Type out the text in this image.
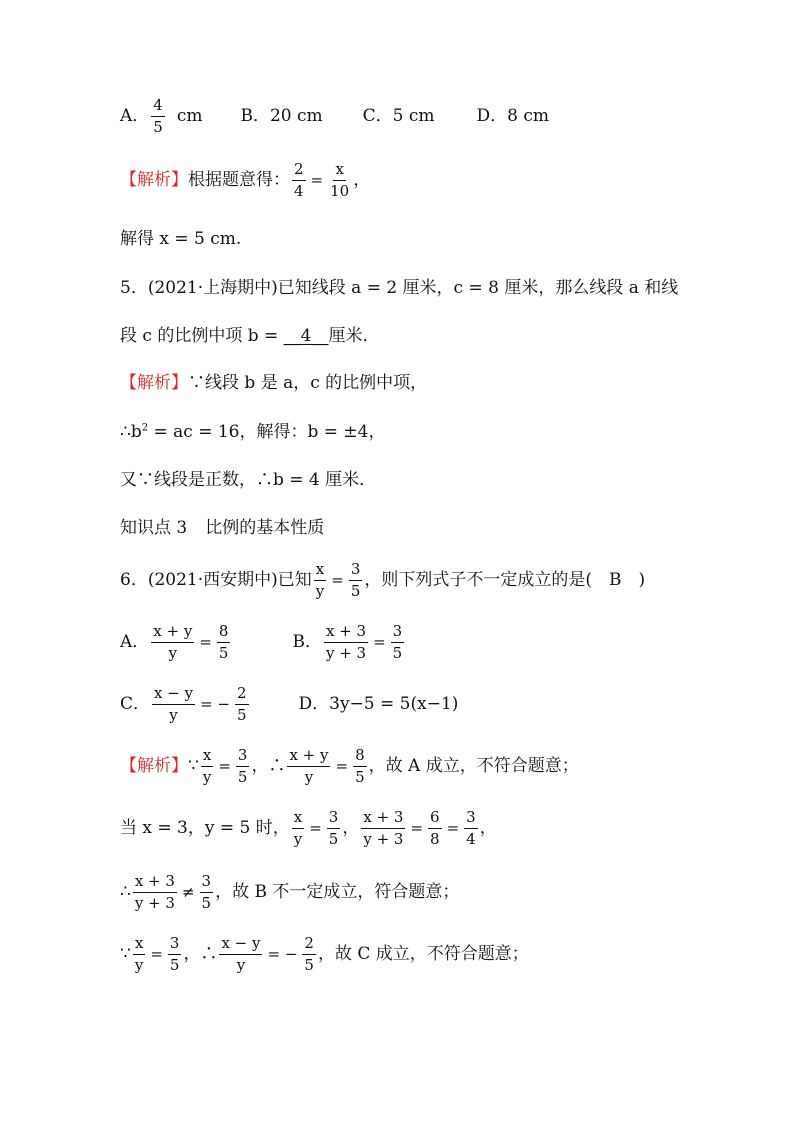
A． $\frac{4}{5}$ cm B．20 cm C．5 cm D．8 cm
【解析】 根据题意得： $\frac{2}{4} = \frac{x}{10}$ ，
解得 x = 5 cm.
5．(2021·上海期中)已知线段 a = 2 厘米，c = 8 厘米，那么线段 a 和线
段 c 的比例中项 b = __4__厘米．
【解析】∵线段 b 是 a，c 的比例中项，
$\therefore b^2$ = ac = 16，解得：b = ±4，
又∵线段是正数，∴b = 4 厘米．
知识点 3 比例的基本性质
6．(2021·西安期中)已知 $\frac{x}{y} = \frac{3}{5}$ ，则下列式子不一定成立的是(　B　)
A． $\frac{x + y}{y} = \frac{8}{5}$	B． $\frac{x + 3}{y + 3} = \frac{3}{5}$
C． $\frac{x - y}{y}$ = − $\frac{2}{5}$	D．3y−5 = 5(x−1)
【解析】 ∵ $\frac{x}{y} = \frac{3}{5}$ ，∴ $\frac{x + y}{y} = \frac{8}{5}$ ，故 A 成立，不符合题意；
当 x = 3，y = 5 时， $\frac{x}{y} = \frac{3}{5}$ ， $\frac{x + 3}{y + 3} = \frac{6}{8} = \frac{3}{4}$ ，
∴ $\frac{x + 3}{y + 3} \ne \frac{3}{5}$ ，故 B 不一定成立，符合题意；
∵ $\frac{x}{y} = \frac{3}{5}$ ，∴ $\frac{x - y}{y}$ = − $\frac{2}{5}$ ，故 C 成立，不符合题意；
